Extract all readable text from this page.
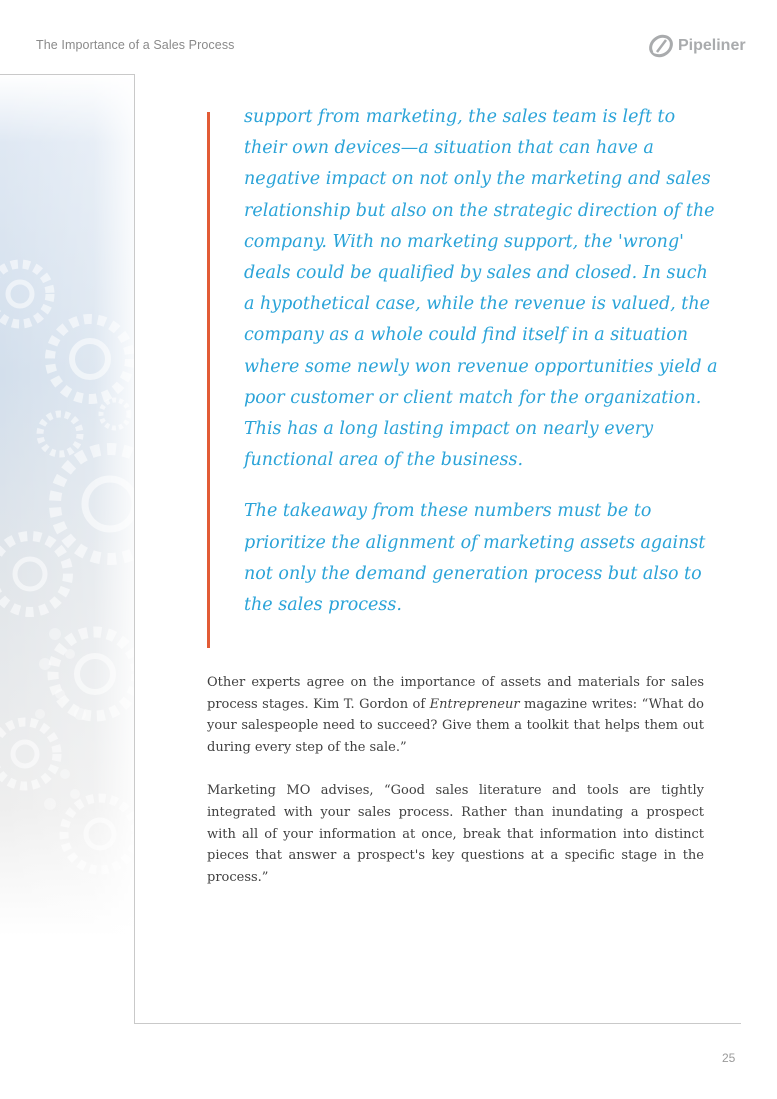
The Importance of a Sales Process	Pipeliner

support from marketing, the sales team is left to their own devices—a situation that can have a negative impact on not only the marketing and sales relationship but also on the strategic direction of the company. With no marketing support, the 'wrong' deals could be qualified by sales and closed. In such a hypothetical case, while the revenue is valued, the company as a whole could find itself in a situation where some newly won revenue opportunities yield a poor customer or client match for the organization. This has a long lasting impact on nearly every functional area of the business.

The takeaway from these numbers must be to prioritize the alignment of marketing assets against not only the demand generation process but also to the sales process.

Other experts agree on the importance of assets and materials for sales process stages. Kim T. Gordon of Entrepreneur magazine writes: “What do your salespeople need to succeed? Give them a toolkit that helps them out during every step of the sale.”

Marketing MO advises, “Good sales literature and tools are tightly integrated with your sales process. Rather than inundating a prospect with all of your information at once, break that information into distinct pieces that answer a prospect's key questions at a specific stage in the process.”

25
